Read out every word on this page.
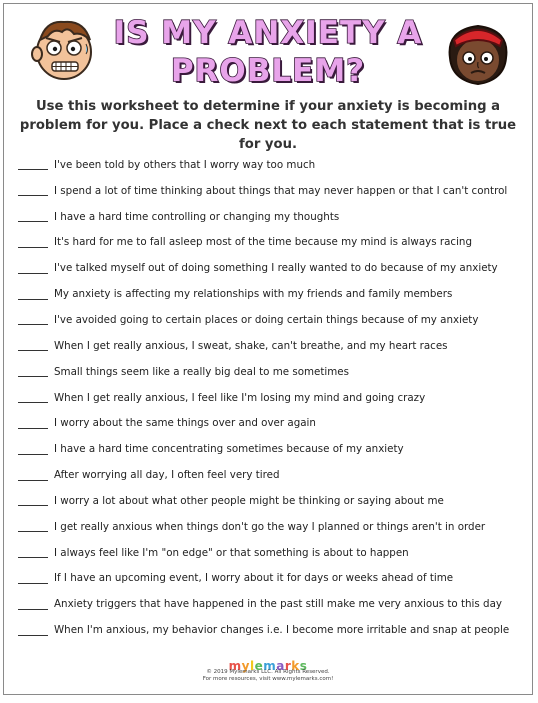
IS MY ANXIETY A
PROBLEM?
Use this worksheet to determine if your anxiety is becoming a problem for you. Place a check next to each statement that is true for you.
I've been told by others that I worry way too much
I spend a lot of time thinking about things that may never happen or that I can't control
I have a hard time controlling or changing my thoughts
It's hard for me to fall asleep most of the time because my mind is always racing
I've talked myself out of doing something I really wanted to do because of my anxiety
My anxiety is affecting my relationships with my friends and family members
I've avoided going to certain places or doing certain things because of my anxiety
When I get really anxious, I sweat, shake, can't breathe, and my heart races
Small things seem like a really big deal to me sometimes
When I get really anxious, I feel like I'm losing my mind and going crazy
I worry about the same things over and over again
I have a hard time concentrating sometimes because of my anxiety
After worrying all day, I often feel very tired
I worry a lot about what other people might be thinking or saying about me
I get really anxious when things don't go the way I planned or things aren't in order
I always feel like I'm "on edge" or that something is about to happen
If I have an upcoming event, I worry about it for days or weeks ahead of time
Anxiety triggers that have happened in the past still make me very anxious to this day
When I'm anxious, my behavior changes i.e. I become more irritable and snap at people
mylemarks
© 2019 Mylemarks LLC. All Rights Reserved.
For more resources, visit www.mylemarks.com!
